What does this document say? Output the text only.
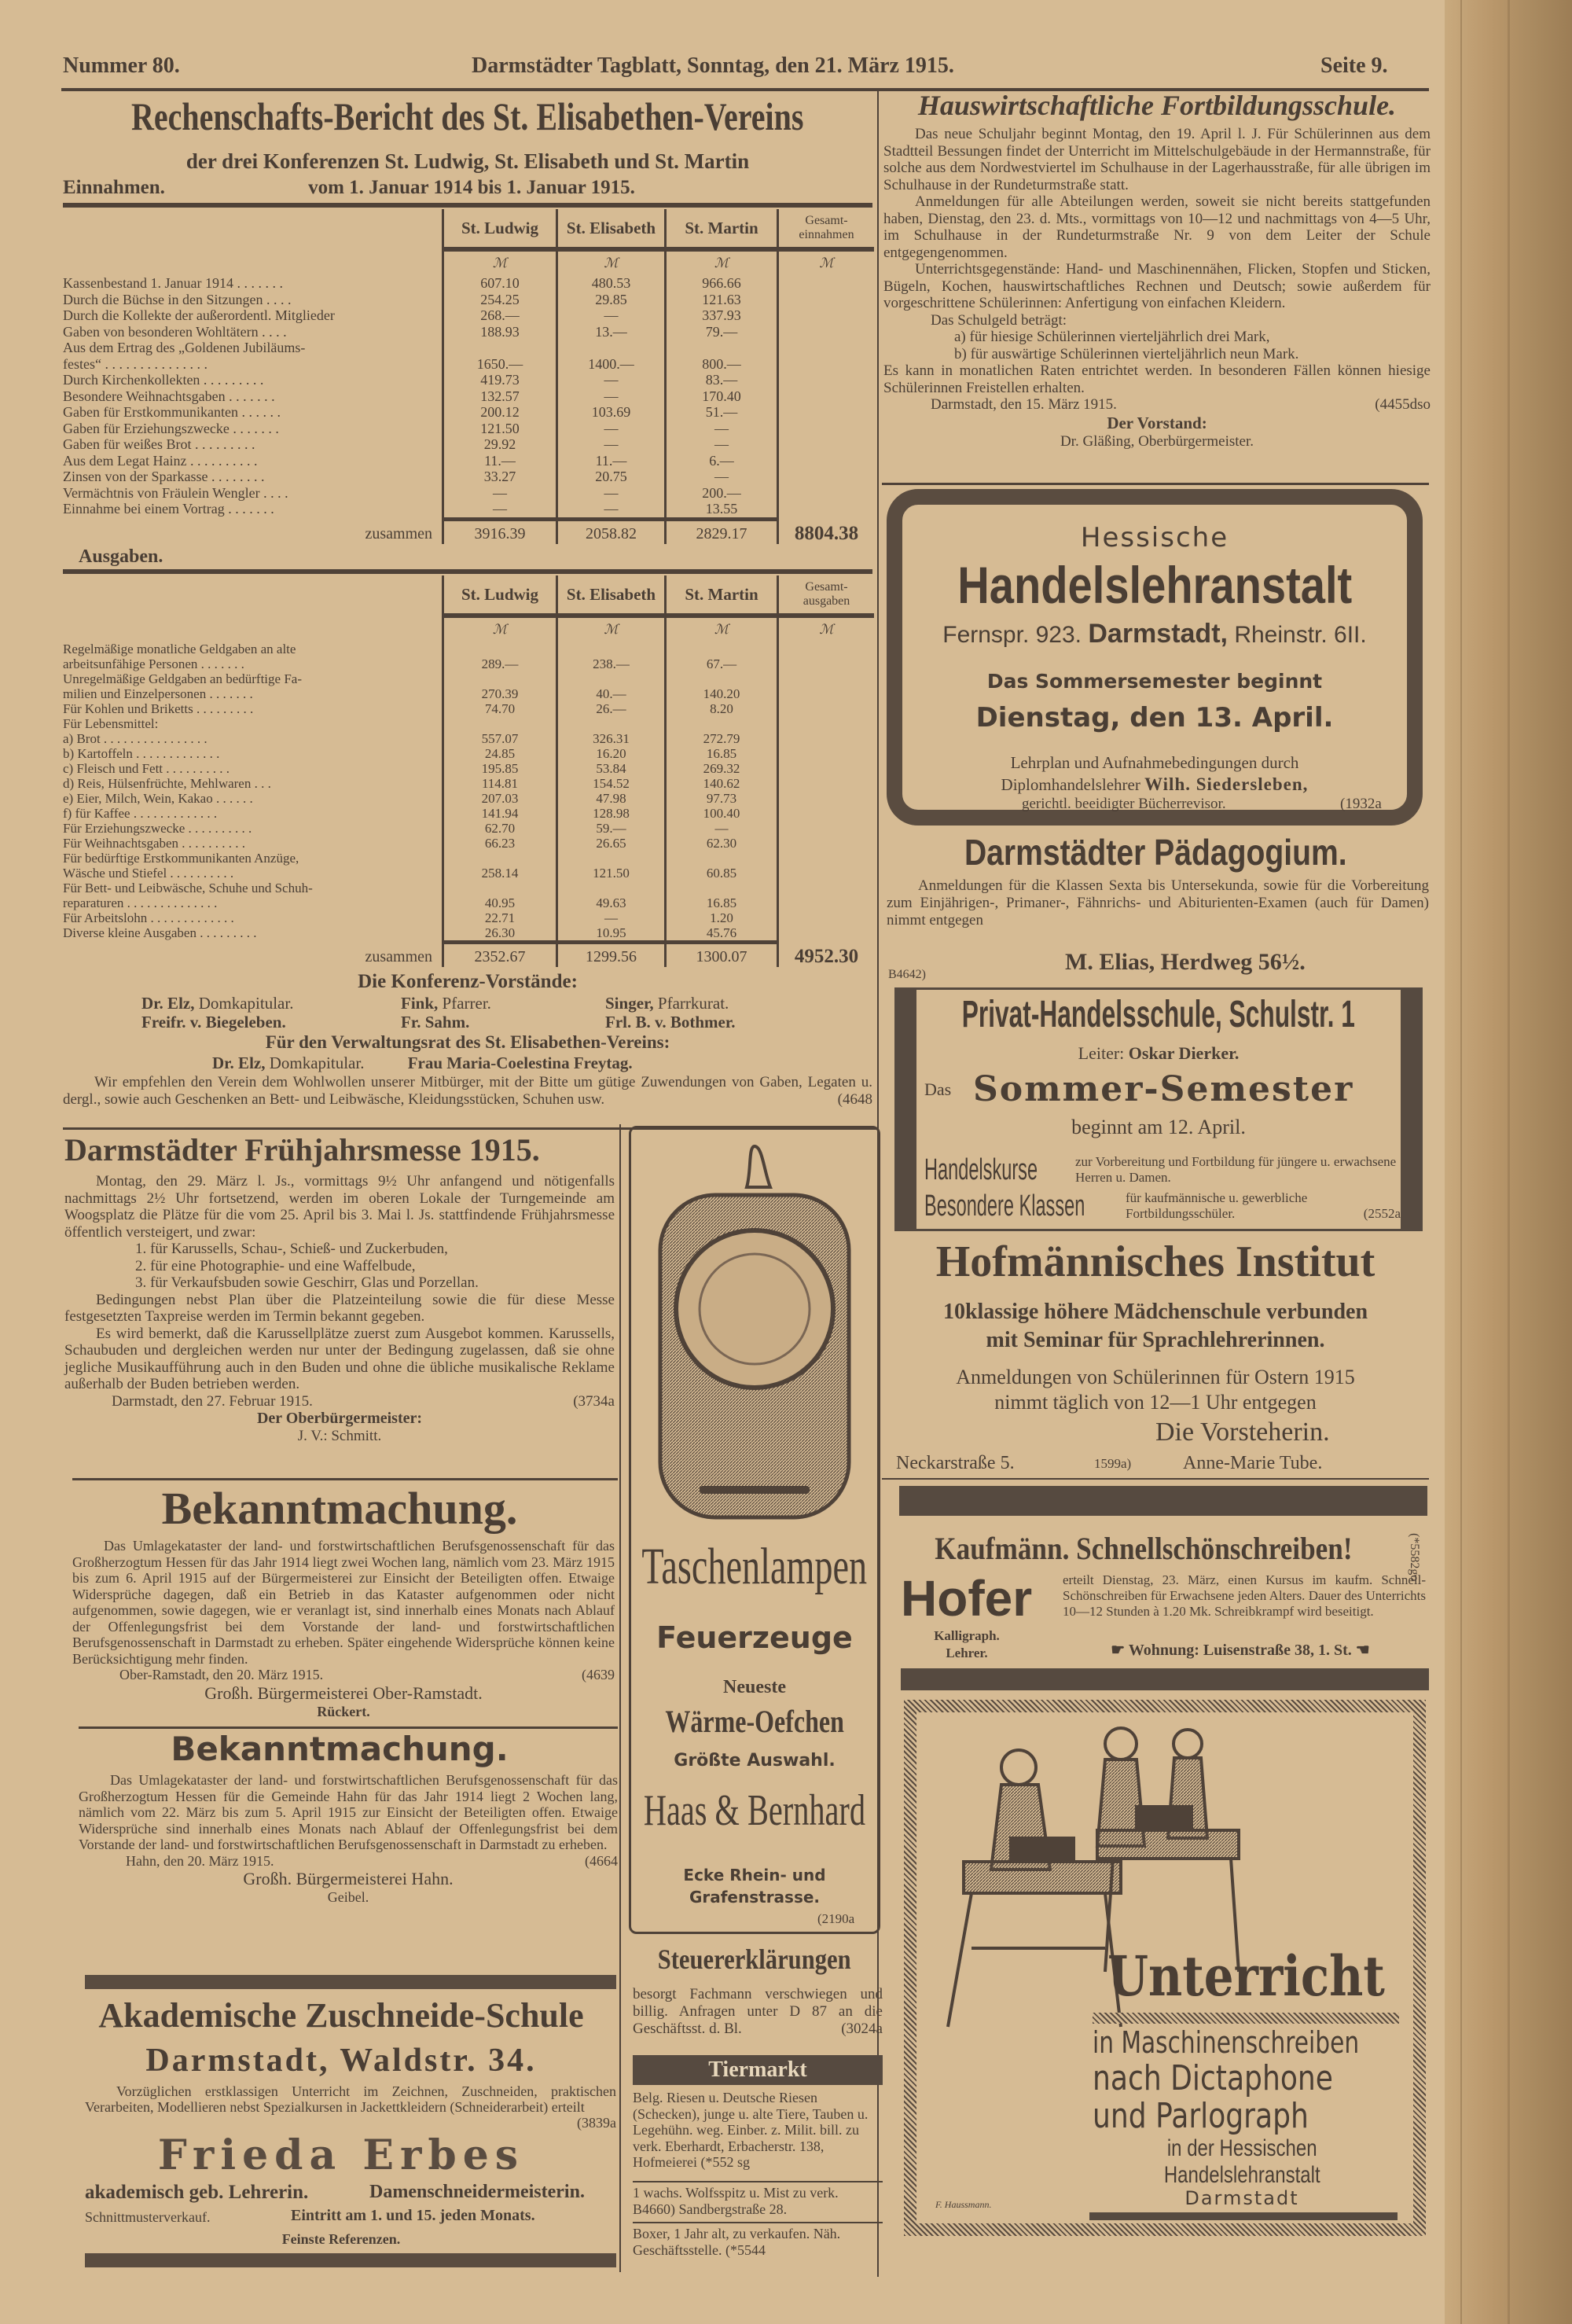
Nummer 80.	Darmstädter Tagblatt, Sonntag, den 21. März 1915.	Seite 9.
Rechenschafts-Bericht des St. Elisabethen-Vereins
der drei Konferenzen St. Ludwig, St. Elisabeth und St. Martin
Einnahmen.	vom 1. Januar 1914 bis 1. Januar 1915.
St. Ludwig	St. Elisabeth	St. Martin	Gesamt-
einnahmen
ℳ	ℳ	ℳ	ℳ
Kassenbestand 1. Januar 1914 . . . . . . .	607.10	480.53	966.66
Durch die Büchse in den Sitzungen . . . .	254.25	29.85	121.63
Durch die Kollekte der außerordentl. Mitglieder	268.—	—	337.93
Gaben von besonderen Wohltätern . . . .	188.93	13.—	79.—
Aus dem Ertrag des „Goldenen Jubiläums-
festes“ . . . . . . . . . . . . . . .	1650.—	1400.—	800.—
Durch Kirchenkollekten . . . . . . . . .	419.73	—	83.—
Besondere Weihnachtsgaben . . . . . . .	132.57	—	170.40
Gaben für Erstkommunikanten . . . . . .	200.12	103.69	51.—
Gaben für Erziehungszwecke . . . . . . .	121.50	—	—
Gaben für weißes Brot . . . . . . . . .	29.92	—	—
Aus dem Legat Hainz . . . . . . . . . .	11.—	11.—	6.—
Zinsen von der Sparkasse . . . . . . . .	33.27	20.75	—
Vermächtnis von Fräulein Wengler . . . .	—	—	200.—
Einnahme bei einem Vortrag . . . . . . .	—	—	13.55
zusammen	3916.39	2058.82	2829.17	8804.38
Ausgaben.
St. Ludwig	St. Elisabeth	St. Martin	Gesamt-
ausgaben
ℳ	ℳ	ℳ	ℳ
Regelmäßige monatliche Geldgaben an alte
arbeitsunfähige Personen . . . . . . .	289.—	238.—	67.—
Unregelmäßige Geldgaben an bedürftige Fa-
milien und Einzelpersonen . . . . . . .	270.39	40.—	140.20
Für Kohlen und Briketts . . . . . . . . .	74.70	26.—	8.20
Für Lebensmittel:
a) Brot . . . . . . . . . . . . . . . .	557.07	326.31	272.79
b) Kartoffeln . . . . . . . . . . . . .	24.85	16.20	16.85
c) Fleisch und Fett . . . . . . . . . .	195.85	53.84	269.32
d) Reis, Hülsenfrüchte, Mehlwaren . . .	114.81	154.52	140.62
e) Eier, Milch, Wein, Kakao . . . . . .	207.03	47.98	97.73
f) für Kaffee . . . . . . . . . . . . .	141.94	128.98	100.40
Für Erziehungszwecke . . . . . . . . . .	62.70	59.—	—
Für Weihnachtsgaben . . . . . . . . . .	66.23	26.65	62.30
Für bedürftige Erstkommunikanten Anzüge,
Wäsche und Stiefel . . . . . . . . . .	258.14	121.50	60.85
Für Bett- und Leibwäsche, Schuhe und Schuh-
reparaturen . . . . . . . . . . . . . .	40.95	49.63	16.85
Für Arbeitslohn . . . . . . . . . . . . .	22.71	—	1.20
Diverse kleine Ausgaben . . . . . . . . .	26.30	10.95	45.76
zusammen	2352.67	1299.56	1300.07	4952.30
Die Konferenz-Vorstände:
Dr. Elz, Domkapitular.	Fink, Pfarrer.	Singer, Pfarrkurat.
Freifr. v. Biegeleben.	Fr. Sahm.	Frl. B. v. Bothmer.
Für den Verwaltungsrat des St. Elisabethen-Vereins:
Dr. Elz, Domkapitular.	Frau Maria-Coelestina Freytag.

Wir empfehlen den Verein dem Wohlwollen unserer Mitbürger, mit der Bitte um gütige Zuwendungen von Gaben, Legaten u. dergl., sowie auch Geschenken an Bett- und Leibwäsche, Kleidungsstücken, Schuhen usw.	(4648

Darmstädter Frühjahrsmesse 1915.

Montag, den 29. März l. Js., vormittags 9½ Uhr anfangend und nötigenfalls nachmittags 2½ Uhr fortsetzend, werden im oberen Lokale der Turngemeinde am Woogsplatz die Plätze für die vom 25. April bis 3. Mai l. Js. stattfindende Frühjahrsmesse öffentlich versteigert, und zwar:

1. für Karussells, Schau-, Schieß- und Zuckerbuden,

2. für eine Photographie- und eine Waffelbude,

3. für Verkaufsbuden sowie Geschirr, Glas und Porzellan.

Bedingungen nebst Plan über die Platzeinteilung sowie die für diese Messe festgesetzten Taxpreise werden im Termin bekannt gegeben.

Es wird bemerkt, daß die Karussellplätze zuerst zum Ausgebot kommen. Karussells, Schaubuden und dergleichen werden nur unter der Bedingung zugelassen, daß sie ohne jegliche Musikaufführung auch in den Buden und ohne die übliche musikalische Reklame außerhalb der Buden betrieben werden.

Darmstadt, den 27. Februar 1915.	(3734a

Der Oberbürgermeister:

J. V.: Schmitt.

Bekanntmachung.

Das Umlagekataster der land- und forstwirtschaftlichen Berufsgenossenschaft für das Großherzogtum Hessen für das Jahr 1914 liegt zwei Wochen lang, nämlich vom 23. März 1915 bis zum 6. April 1915 auf der Bürgermeisterei zur Einsicht der Beteiligten offen. Etwaige Widersprüche dagegen, daß ein Betrieb in das Kataster aufgenommen oder nicht aufgenommen, sowie dagegen, wie er veranlagt ist, sind innerhalb eines Monats nach Ablauf der Offenlegungsfrist bei dem Vorstande der land- und forstwirtschaftlichen Berufsgenossenschaft in Darmstadt zu erheben. Später eingehende Widersprüche können keine Berücksichtigung mehr finden.

Ober-Ramstadt, den 20. März 1915.	(4639

Großh. Bürgermeisterei Ober-Ramstadt.

Rückert.

Bekanntmachung.

Das Umlagekataster der land- und forstwirtschaftlichen Berufsgenossenschaft für das Großherzogtum Hessen für die Gemeinde Hahn für das Jahr 1914 liegt 2 Wochen lang, nämlich vom 22. März bis zum 5. April 1915 zur Einsicht der Beteiligten offen. Etwaige Widersprüche sind innerhalb eines Monats nach Ablauf der Offenlegungsfrist bei dem Vorstande der land- und forstwirtschaftlichen Berufsgenossenschaft in Darmstadt zu erheben.

Hahn, den 20. März 1915.	(4664

Großh. Bürgermeisterei Hahn.

Geibel.

Akademische Zuschneide-Schule
Darmstadt, Waldstr. 34.

Vorzüglichen erstklassigen Unterricht im Zeichnen, Zuschneiden, praktischen Verarbeiten, Modellieren nebst Spezialkursen in Jackettkleidern (Schneiderarbeit) erteilt
(3839a

Frieda Erbes
akademisch geb. Lehrerin.	Damenschneidermeisterin.
Schnittmusterverkauf.	Eintritt am 1. und 15. jeden Monats.
Feinste Referenzen.
Taschenlampen
Feuerzeuge
Neueste
Wärme-Oefchen
Größte Auswahl.
Haas & Bernhard
Ecke Rhein- und
Grafenstrasse.
(2190a
Steuererklärungen

besorgt Fachmann verschwiegen und billig. Anfragen unter D 87 an die Geschäftsst. d. Bl.	(3024a

Tiermarkt

Belg. Riesen u. Deutsche Riesen (Schecken), junge u. alte Tiere, Tauben u. Legehühn. weg. Einber. z. Milit. bill. zu verk. Eberhardt, Erbacherstr. 138, Hofmeierei (*552 sg

1 wachs. Wolfsspitz u. Mist zu verk. B4660) Sandbergstraße 28.

Boxer, 1 Jahr alt, zu verkaufen. Näh. Geschäftsstelle. (*5544

Hauswirtschaftliche Fortbildungsschule.

Das neue Schuljahr beginnt Montag, den 19. April l. J. Für Schülerinnen aus dem Stadtteil Bessungen findet der Unterricht im Mittelschulgebäude in der Hermannstraße, für solche aus dem Nordwestviertel im Schulhause in der Lagerhausstraße, für alle übrigen im Schulhause in der Rundeturmstraße statt.

Anmeldungen für alle Abteilungen werden, soweit sie nicht bereits stattgefunden haben, Dienstag, den 23. d. Mts., vormittags von 10—12 und nachmittags von 4—5 Uhr, im Schulhause in der Rundeturmstraße Nr. 9 von dem Leiter der Schule entgegengenommen.

Unterrichtsgegenstände: Hand- und Maschinennähen, Flicken, Stopfen und Sticken, Bügeln, Kochen, hauswirtschaftliches Rechnen und Deutsch; sowie außerdem für vorgeschrittene Schülerinnen: Anfertigung von einfachen Kleidern.

Das Schulgeld beträgt:

a) für hiesige Schülerinnen vierteljährlich drei Mark,

b) für auswärtige Schülerinnen vierteljährlich neun Mark.

Es kann in monatlichen Raten entrichtet werden. In besonderen Fällen können hiesige Schülerinnen Freistellen erhalten.

Darmstadt, den 15. März 1915.	(4455dso

Der Vorstand:

Dr. Gläßing, Oberbürgermeister.

Hessische
Handelslehranstalt
Fernspr. 923. Darmstadt, Rheinstr. 6II.
Das Sommersemester beginnt
Dienstag, den 13. April.
Lehrplan und Aufnahmebedingungen durch
Diplomhandelslehrer Wilh. Siedersleben,
gerichtl. beeidigter Bücherrevisor.	(1932a
Darmstädter Pädagogium.

Anmeldungen für die Klassen Sexta bis Untersekunda, sowie für die Vorbereitung zum Einjährigen-, Primaner-, Fähnrichs- und Abiturienten-Examen (auch für Damen) nimmt entgegen

M. Elias, Herdweg 56½.
B4642)
Privat-Handelsschule, Schulstr. 1
Leiter: Oskar Dierker.
Das Sommer-Semester
beginnt am 12. April.
Handelskurse	zur Vorbereitung und Fortbildung für jüngere u. erwachsene Herren u. Damen.

Besondere Klassen	für kaufmännische u. gewerbliche Fortbildungsschüler.	(2552a

Hofmännisches Institut
10klassige höhere Mädchenschule verbunden
mit Seminar für Sprachlehrerinnen.
Anmeldungen von Schülerinnen für Ostern 1915
nimmt täglich von 12—1 Uhr entgegen
Die Vorsteherin.
Neckarstraße 5.	1599a)	Anne-Marie Tube.
Kaufmänn. Schnellschönschreiben!	(*5582go
Hofer
Kalligraph.
Lehrer.

erteilt Dienstag, 23. März, einen Kursus im kaufm. Schnell-Schönschreiben für Erwachsene jeden Alters. Dauer des Unterrichts 10—12 Stunden à 1.20 Mk. Schreibkrampf wird beseitigt.

☛ Wohnung: Luisenstraße 38, 1. St. ☚
Unterricht
in Maschinenschreiben
nach Dictaphone
und Parlograph
in der Hessischen
Handelslehranstalt
Darmstadt
F. Haussmann.
